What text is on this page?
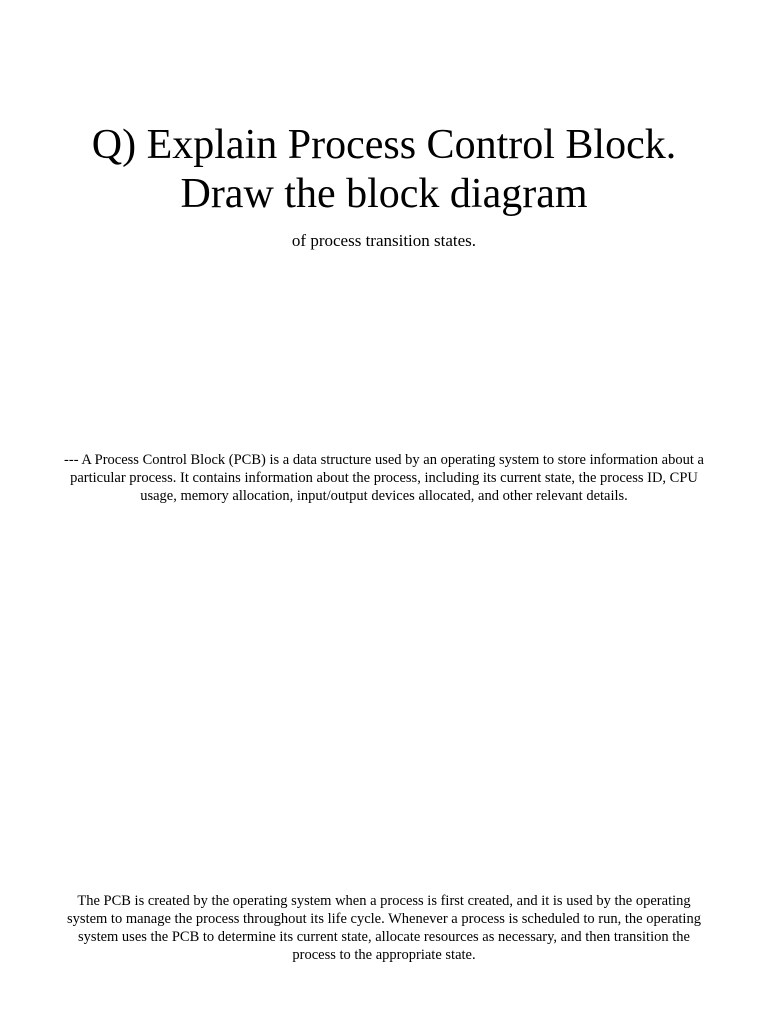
Q) Explain Process Control Block.
Draw the block diagram
of process transition states.

--- A Process Control Block (PCB) is a data structure used by an operating system to store information about a particular process. It contains information about the process, including its current state, the process ID, CPU usage, memory allocation, input/output devices allocated, and other relevant details.

The PCB is created by the operating system when a process is first created, and it is used by the operating system to manage the process throughout its life cycle. Whenever a process is scheduled to run, the operating system uses the PCB to determine its current state, allocate resources as necessary, and then transition the process to the appropriate state.
